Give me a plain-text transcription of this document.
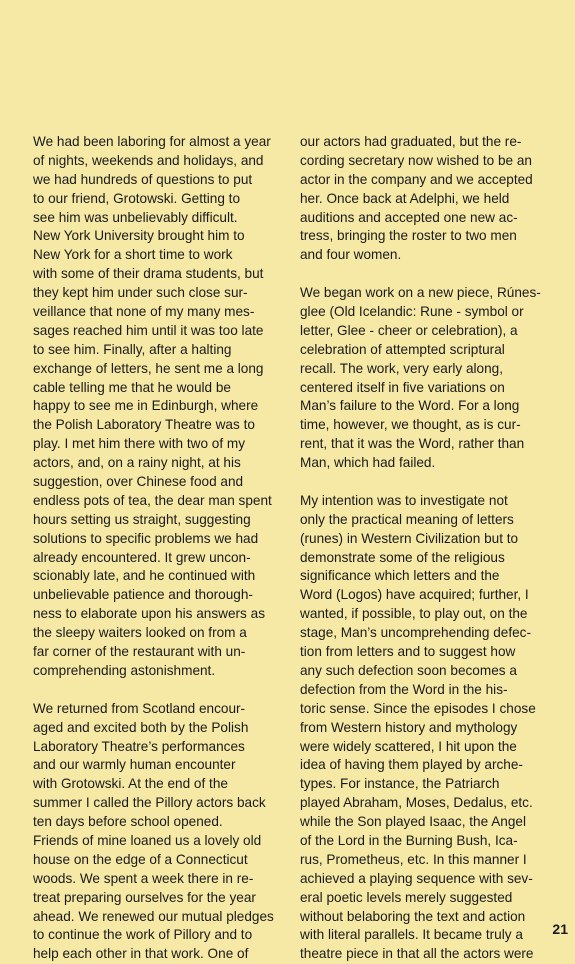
We had been laboring for almost a year
of nights, weekends and holidays, and
we had hundreds of questions to put
to our friend, Grotowski. Getting to
see him was unbelievably difficult.
New York University brought him to
New York for a short time to work
with some of their drama students, but
they kept him under such close sur-
veillance that none of my many mes-
sages reached him until it was too late
to see him. Finally, after a halting
exchange of letters, he sent me a long
cable telling me that he would be
happy to see me in Edinburgh, where
the Polish Laboratory Theatre was to
play. I met him there with two of my
actors, and, on a rainy night, at his
suggestion, over Chinese food and
endless pots of tea, the dear man spent
hours setting us straight, suggesting
solutions to specific problems we had
already encountered. It grew uncon-
scionably late, and he continued with
unbelievable patience and thorough-
ness to elaborate upon his answers as
the sleepy waiters looked on from a
far corner of the restaurant with un-
comprehending astonishment.
We returned from Scotland encour-
aged and excited both by the Polish
Laboratory Theatre’s performances
and our warmly human encounter
with Grotowski. At the end of the
summer I called the Pillory actors back
ten days before school opened.
Friends of mine loaned us a lovely old
house on the edge of a Connecticut
woods. We spent a week there in re-
treat preparing ourselves for the year
ahead. We renewed our mutual pledges
to continue the work of Pillory and to
help each other in that work. One of
our actors had graduated, but the re-
cording secretary now wished to be an
actor in the company and we accepted
her. Once back at Adelphi, we held
auditions and accepted one new ac-
tress, bringing the roster to two men
and four women.
We began work on a new piece, Rúnes-
glee (Old Icelandic: Rune - symbol or
letter, Glee - cheer or celebration), a
celebration of attempted scriptural
recall. The work, very early along,
centered itself in five variations on
Man’s failure to the Word. For a long
time, however, we thought, as is cur-
rent, that it was the Word, rather than
Man, which had failed.
My intention was to investigate not
only the practical meaning of letters
(runes) in Western Civilization but to
demonstrate some of the religious
significance which letters and the
Word (Logos) have acquired; further, I
wanted, if possible, to play out, on the
stage, Man’s uncomprehending defec-
tion from letters and to suggest how
any such defection soon becomes a
defection from the Word in the his-
toric sense. Since the episodes I chose
from Western history and mythology
were widely scattered, I hit upon the
idea of having them played by arche-
types. For instance, the Patriarch
played Abraham, Moses, Dedalus, etc.
while the Son played Isaac, the Angel
of the Lord in the Burning Bush, Ica-
rus, Prometheus, etc. In this manner I
achieved a playing sequence with sev-
eral poetic levels merely suggested
without belaboring the text and action
with literal parallels. It became truly a
theatre piece in that all the actors were
21
